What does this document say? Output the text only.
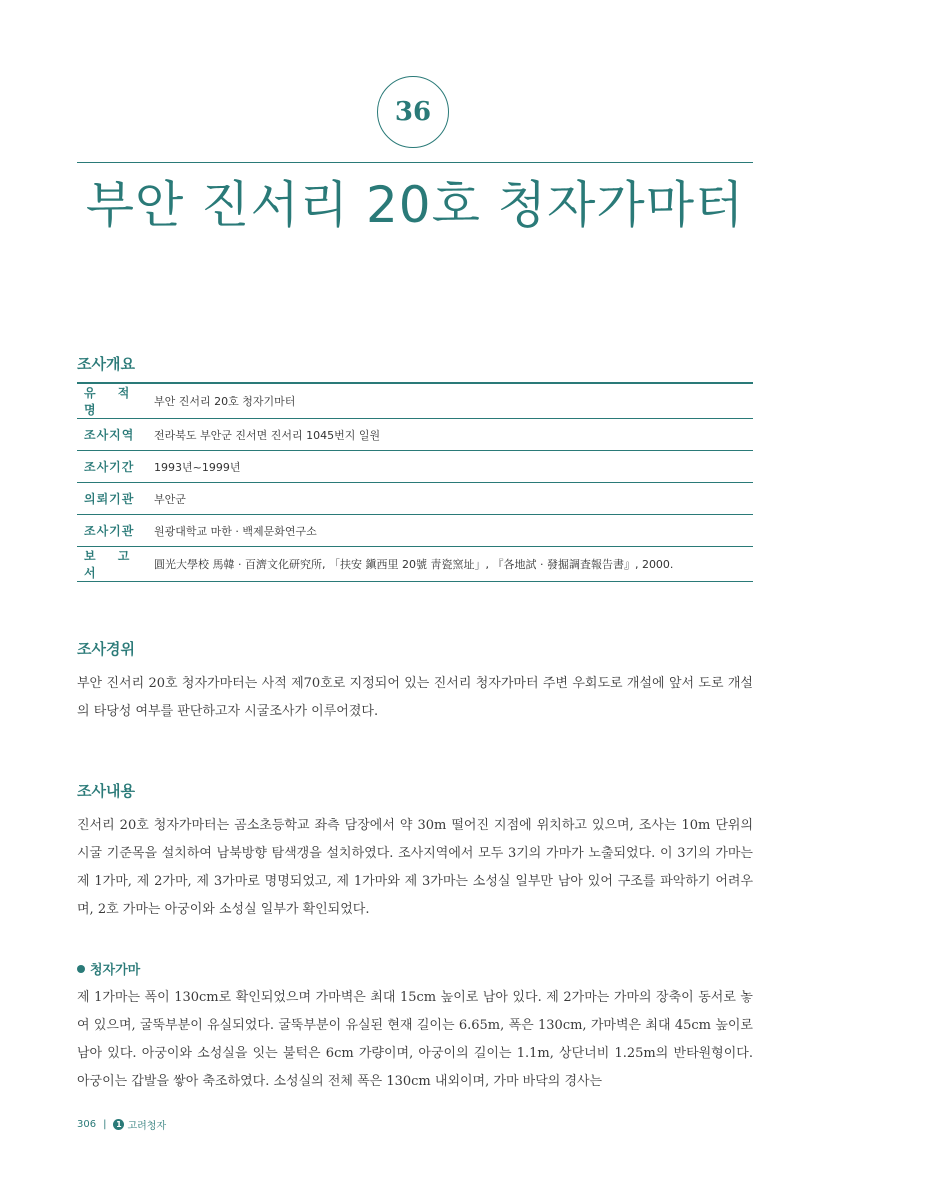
36
부안 진서리 20호 청자가마터
조사개요
유 적 명	부안 진서리 20호 청자기마터
조사지역	전라북도 부안군 진서면 진서리 1045번지 일원
조사기간	1993년~1999년
의뢰기관	부안군
조사기관	원광대학교 마한 · 백제문화연구소
보 고 서	圓光大學校 馬韓 · 百濟文化研究所, 「扶安 鎭西里 20號 靑瓷窯址」, 『各地試 · 發掘調査報告書』, 2000.
조사경위

부안 진서리 20호 청자가마터는 사적 제70호로 지정되어 있는 진서리 청자가마터 주변 우회도로 개설에 앞서 도로 개설의 타당성 여부를 판단하고자 시굴조사가 이루어졌다.

조사내용

진서리 20호 청자가마터는 곰소초등학교 좌측 담장에서 약 30m 떨어진 지점에 위치하고 있으며, 조사는 10m 단위의 시굴 기준목을 설치하여 남북방향 탐색갱을 설치하였다. 조사지역에서 모두 3기의 가마가 노출되었다. 이 3기의 가마는 제 1가마, 제 2가마, 제 3가마로 명명되었고, 제 1가마와 제 3가마는 소성실 일부만 남아 있어 구조를 파악하기 어려우며, 2호 가마는 아궁이와 소성실 일부가 확인되었다.

청자가마

제 1가마는 폭이 130cm로 확인되었으며 가마벽은 최대 15cm 높이로 남아 있다. 제 2가마는 가마의 장축이 동서로 놓여 있으며, 굴뚝부분이 유실되었다. 굴뚝부분이 유실된 현재 길이는 6.65m, 폭은 130cm, 가마벽은 최대 45cm 높이로 남아 있다. 아궁이와 소성실을 잇는 불턱은 6cm 가량이며, 아궁이의 길이는 1.1m, 상단너비 1.25m의 반타원형이다. 아궁이는 갑발을 쌓아 축조하였다. 소성실의 전체 폭은 130cm 내외이며, 가마 바닥의 경사는

306 |	1 고려청자
